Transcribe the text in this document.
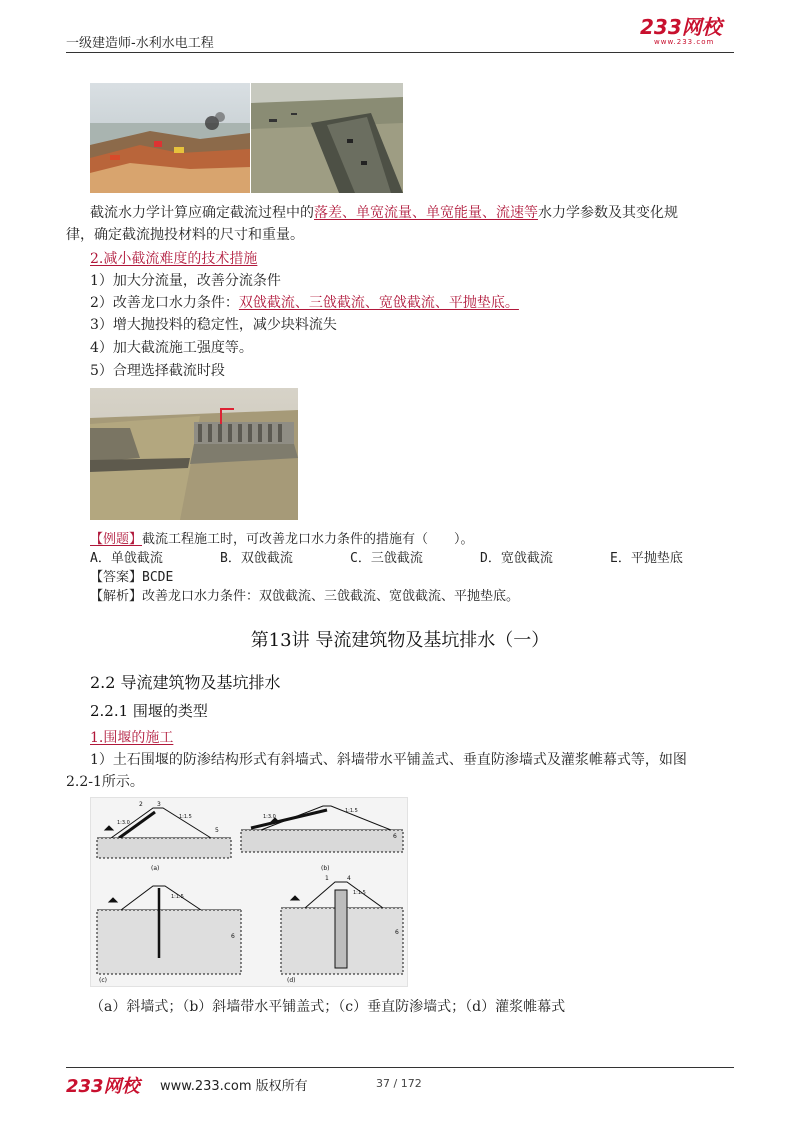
一级建造师-水利水电工程
233网校
www.233.com
截流水力学计算应确定截流过程中的落差、单宽流量、单宽能量、流速等水力学参数及其变化规
律，确定截流抛投材料的尺寸和重量。
2.减小截流难度的技术措施
1）加大分流量，改善分流条件
2）改善龙口水力条件：双戗截流、三戗截流、宽戗截流、平抛垫底。
3）增大抛投料的稳定性，减少块料流失
4）加大截流施工强度等。
5）合理选择截流时段
【例题】截流工程施工时，可改善龙口水力条件的措施有（　　）。
A．单戗截流	B．双戗截流	C．三戗截流	D．宽戗截流	E．平抛垫底
【答案】BCDE
【解析】改善龙口水力条件：双戗截流、三戗截流、宽戗截流、平抛垫底。
第13讲 导流建筑物及基坑排水（一）
2.2 导流建筑物及基坑排水
2.2.1 围堰的类型
1.围堰的施工
1）土石围堰的防渗结构形式有斜墙式、斜墙带水平铺盖式、垂直防渗墙式及灌浆帷幕式等，如图
2.2-1所示。
2 3
1:3.0
1:1.5
5
(a)
1:3.0
1:1.5
6
(b)
1:1.5
6
(c)
1:1.5
6
(d)
1	4
（a）斜墙式；（b）斜墙带水平铺盖式；（c）垂直防渗墙式；（d）灌浆帷幕式
233网校 www.233.com 版权所有	37 / 172
